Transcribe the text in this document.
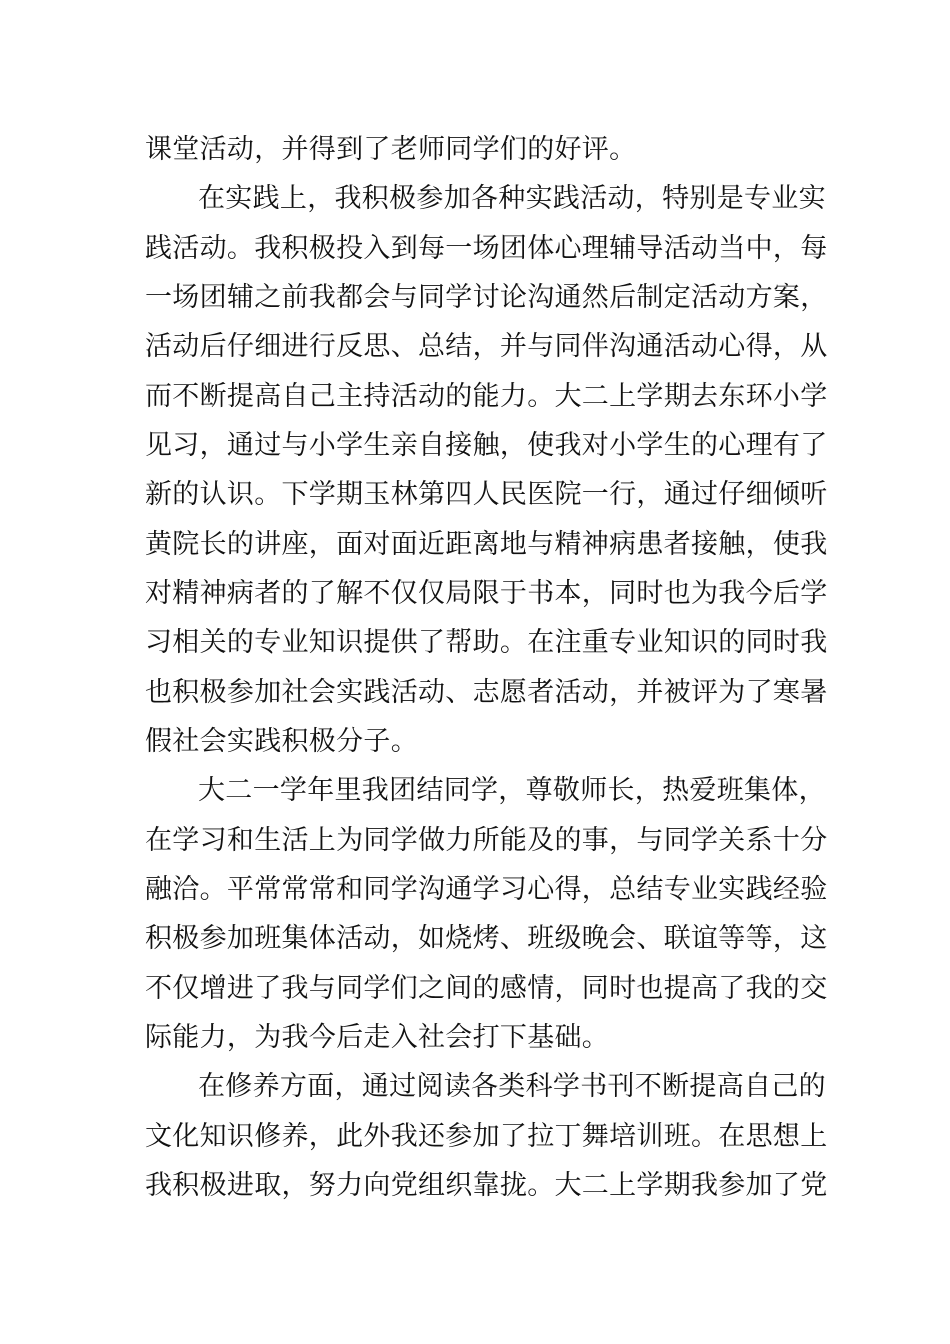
课堂活动，并得到了老师同学们的好评。
在实践上，我积极参加各种实践活动，特别是专业实
践活动。我积极投入到每一场团体心理辅导活动当中，每
一场团辅之前我都会与同学讨论沟通然后制定活动方案，
活动后仔细进行反思、总结，并与同伴沟通活动心得，从
而不断提高自己主持活动的能力。大二上学期去东环小学
见习，通过与小学生亲自接触，使我对小学生的心理有了
新的认识。下学期玉林第四人民医院一行，通过仔细倾听
黄院长的讲座，面对面近距离地与精神病患者接触，使我
对精神病者的了解不仅仅局限于书本，同时也为我今后学
习相关的专业知识提供了帮助。在注重专业知识的同时我
也积极参加社会实践活动、志愿者活动，并被评为了寒暑
假社会实践积极分子。
大二一学年里我团结同学，尊敬师长，热爱班集体，
在学习和生活上为同学做力所能及的事，与同学关系十分
融洽。平常常常和同学沟通学习心得，总结专业实践经验
积极参加班集体活动，如烧烤、班级晚会、联谊等等，这
不仅增进了我与同学们之间的感情，同时也提高了我的交
际能力，为我今后走入社会打下基础。
在修养方面，通过阅读各类科学书刊不断提高自己的
文化知识修养，此外我还参加了拉丁舞培训班。在思想上
我积极进取，努力向党组织靠拢。大二上学期我参加了党
